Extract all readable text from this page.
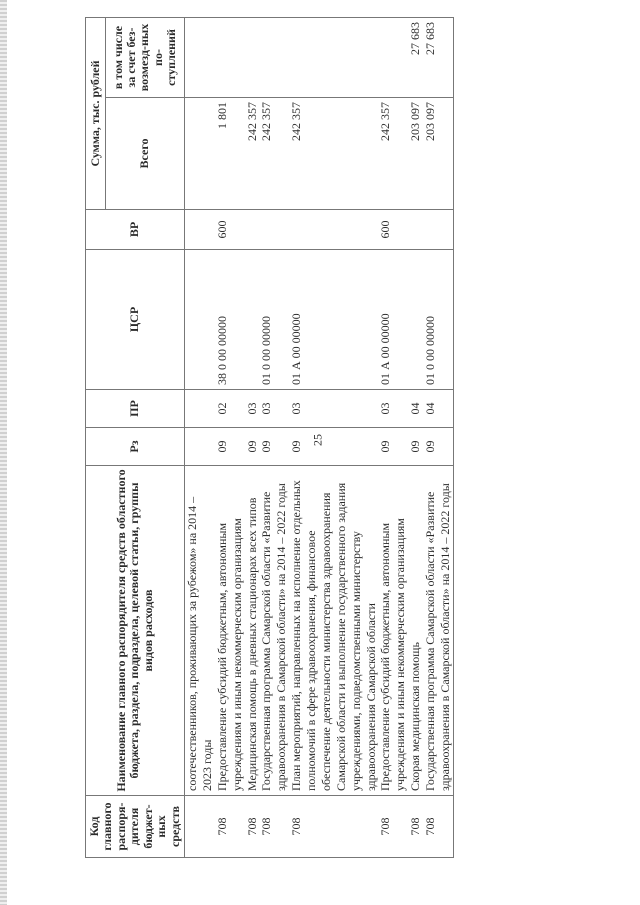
25
Код главного распоря-дителя бюджет-ных средств	Наименование главного распорядителя средств областного бюджета, раздела, подраздела, целевой статьи, группы видов расходов	Рз	ПР	ЦСР	ВР	Сумма, тыс. рублей	
						Всего	в том числе за счет без-возмезд-ных по-ступлений
	соотечественников, проживающих за рубежом» на 2014 – 2023 годы						
708	Предоставление субсидий бюджетным, автономным учреждениям и иным некоммерческим организациям	09	02	38 0 00 00000	600	1 801	
708	Медицинская помощь в дневных стационарах всех типов	09	03			242 357	
708	Государственная программа Самарской области «Развитие здравоохранения в Самарской области» на 2014 – 2022 годы	09	03	01 0 00 00000		242 357	
708	План мероприятий, направленных на исполнение отдельных полномочий в сфере здравоохранения, финансовое обеспечение деятельности министерства здравоохранения Самарской области и выполнение государственного задания учреждениями, подведомственными министерству здравоохранения Самарской области	09	03	01 А 00 00000		242 357	
708	Предоставление субсидий бюджетным, автономным учреждениям и иным некоммерческим организациям	09	03	01 А 00 00000	600	242 357	
708	Скорая медицинская помощь	09	04			203 097	27 683
708	Государственная программа Самарской области «Развитие здравоохранения в Самарской области» на 2014 – 2022 годы	09	04	01 0 00 00000		203 097	27 683
